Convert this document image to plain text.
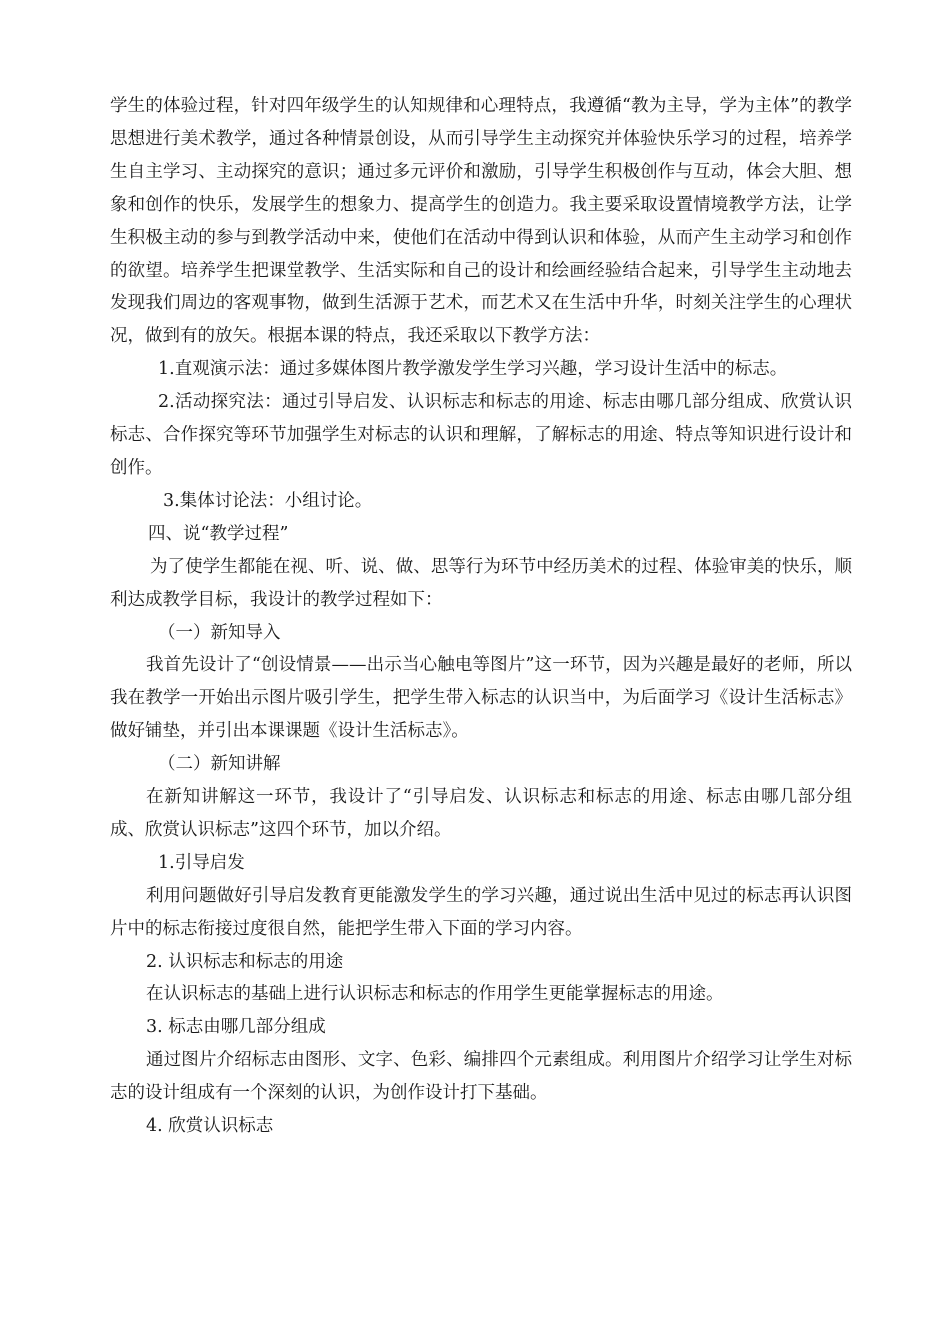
学生的体验过程，针对四年级学生的认知规律和心理特点，我遵循“教为主导，学为主体”的教学思想进行美术教学，通过各种情景创设，从而引导学生主动探究并体验快乐学习的过程，培养学生自主学习、主动探究的意识；通过多元评价和激励，引导学生积极创作与互动，体会大胆、想象和创作的快乐，发展学生的想象力、提高学生的创造力。我主要采取设置情境教学方法，让学生积极主动的参与到教学活动中来，使他们在活动中得到认识和体验，从而产生主动学习和创作的欲望。培养学生把课堂教学、生活实际和自己的设计和绘画经验结合起来，引导学生主动地去发现我们周边的客观事物，做到生活源于艺术，而艺术又在生活中升华，时刻关注学生的心理状况，做到有的放矢。根据本课的特点，我还采取以下教学方法：

1.直观演示法：通过多媒体图片教学激发学生学习兴趣，学习设计生活中的标志。

2.活动探究法：通过引导启发、认识标志和标志的用途、标志由哪几部分组成、欣赏认识标志、合作探究等环节加强学生对标志的认识和理解，了解标志的用途、特点等知识进行设计和创作。

3.集体讨论法：小组讨论。

四、说“教学过程”

为了使学生都能在视、听、说、做、思等行为环节中经历美术的过程、体验审美的快乐，顺利达成教学目标，我设计的教学过程如下：

（一）新知导入

我首先设计了“创设情景——出示当心触电等图片”这一环节，因为兴趣是最好的老师，所以我在教学一开始出示图片吸引学生，把学生带入标志的认识当中，为后面学习《设计生活标志》做好铺垫，并引出本课课题《设计生活标志》。

（二）新知讲解

在新知讲解这一环节，我设计了“引导启发、认识标志和标志的用途、标志由哪几部分组成、欣赏认识标志”这四个环节，加以介绍。

1.引导启发

利用问题做好引导启发教育更能激发学生的学习兴趣，通过说出生活中见过的标志再认识图片中的标志衔接过度很自然，能把学生带入下面的学习内容。

2. 认识标志和标志的用途

在认识标志的基础上进行认识标志和标志的作用学生更能掌握标志的用途。

3. 标志由哪几部分组成

通过图片介绍标志由图形、文字、色彩、编排四个元素组成。利用图片介绍学习让学生对标志的设计组成有一个深刻的认识，为创作设计打下基础。

4. 欣赏认识标志
